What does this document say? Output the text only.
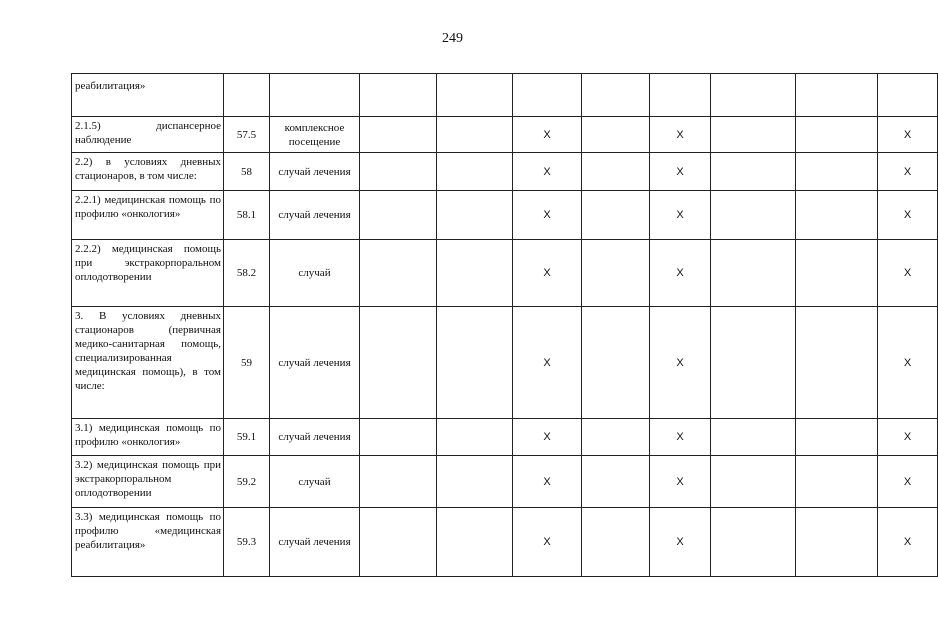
249
реабилитация»										
2.1.5) диспансерное наблюдение	57.5	комплексное посещение			X		X			X
2.2) в условиях дневных стационаров, в том числе:	58	случай лечения			X		X			X
2.2.1) медицинская помощь по профилю «онкология»	58.1	случай лечения			X		X			X
2.2.2) медицинская помощь при экстракорпоральном оплодотворении	58.2	случай			X		X			X
3. В условиях дневных стационаров (первичная медико-санитарная помощь, специализированная медицинская помощь), в том числе:	59	случай лечения			X		X			X
3.1) медицинская помощь по профилю «онкология»	59.1	случай лечения			X		X			X
3.2) медицинская помощь при экстракорпоральном оплодотворении	59.2	случай			X		X			X
3.3) медицинская помощь по профилю «медицинская реабилитация»	59.3	случай лечения			X		X			X
